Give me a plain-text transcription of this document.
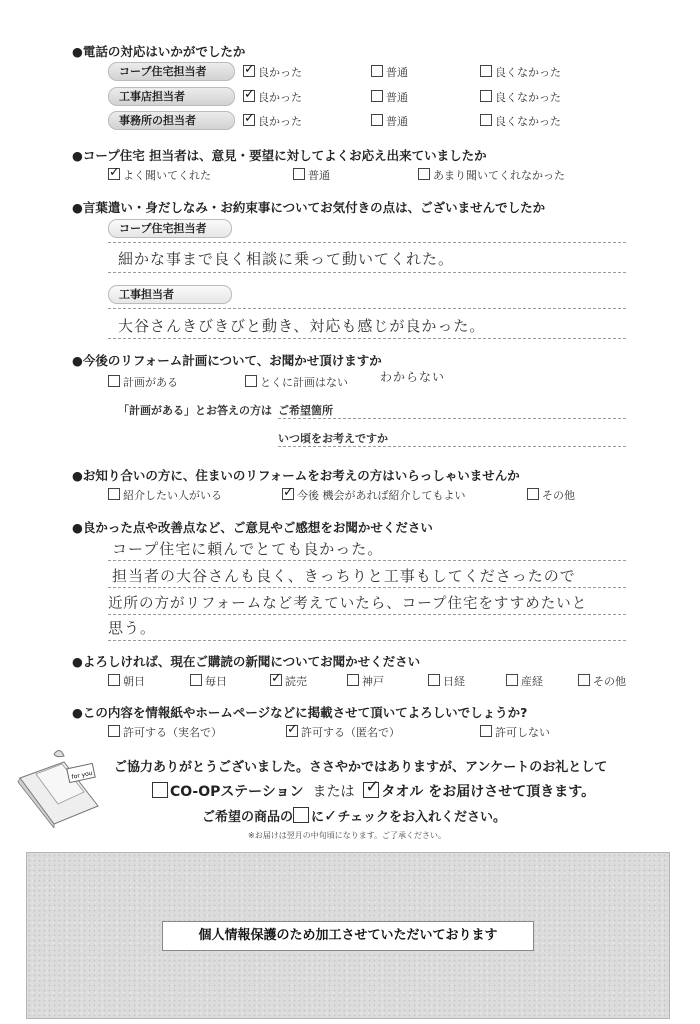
●電話の対応はいかがでしたか
コープ住宅担当者 ✓	良かった	普通	良くなかった
工事店担当者 ✓	良かった	普通	良くなかった
事務所の担当者 ✓	良かった	普通	良くなかった
●コープ住宅 担当者は、意見・要望に対してよくお応え出来ていましたか
✓よく聞いてくれた	普通	あまり聞いてくれなかった
●言葉遣い・身だしなみ・お約束事についてお気付きの点は、ございませんでしたか
コープ住宅担当者
細かな事まで良く相談に乗って動いてくれた。
工事担当者
大谷さんきびきびと動き、対応も感じが良かった。
●今後のリフォーム計画について、お聞かせ頂けますか
計画がある	とくに計画はない	わからない
「計画がある」とお答えの方は ご希望箇所
いつ頃をお考えですか
●お知り合いの方に、住まいのリフォームをお考えの方はいらっしゃいませんか
紹介したい人がいる ✓	今後 機会があれば紹介してもよい	その他
●良かった点や改善点など、ご意見やご感想をお聞かせください
コープ住宅に頼んでとても良かった。
担当者の大谷さんも良く、きっちりと工事もしてくださったので
近所の方がリフォームなど考えていたら、コープ住宅をすすめたいと
思う。
●よろしければ、現在ご購読の新聞についてお聞かせください
朝日	毎日 ✓	読売	神戸	日経	産経	その他
●この内容を情報紙やホームページなどに掲載させて頂いてよろしいでしょうか?
許可する（実名で） ✓	許可する（匿名で）	許可しない
for you
ご協力ありがとうございました。ささやかではありますが、アンケートのお礼として
CO-OPステーション または ✓ タオル をお届けさせて頂きます。
ご希望の商品の に✓チェックをお入れください。
※お届けは翌月の中旬頃になります。ご了承ください。
個人情報保護のため加工させていただいております
